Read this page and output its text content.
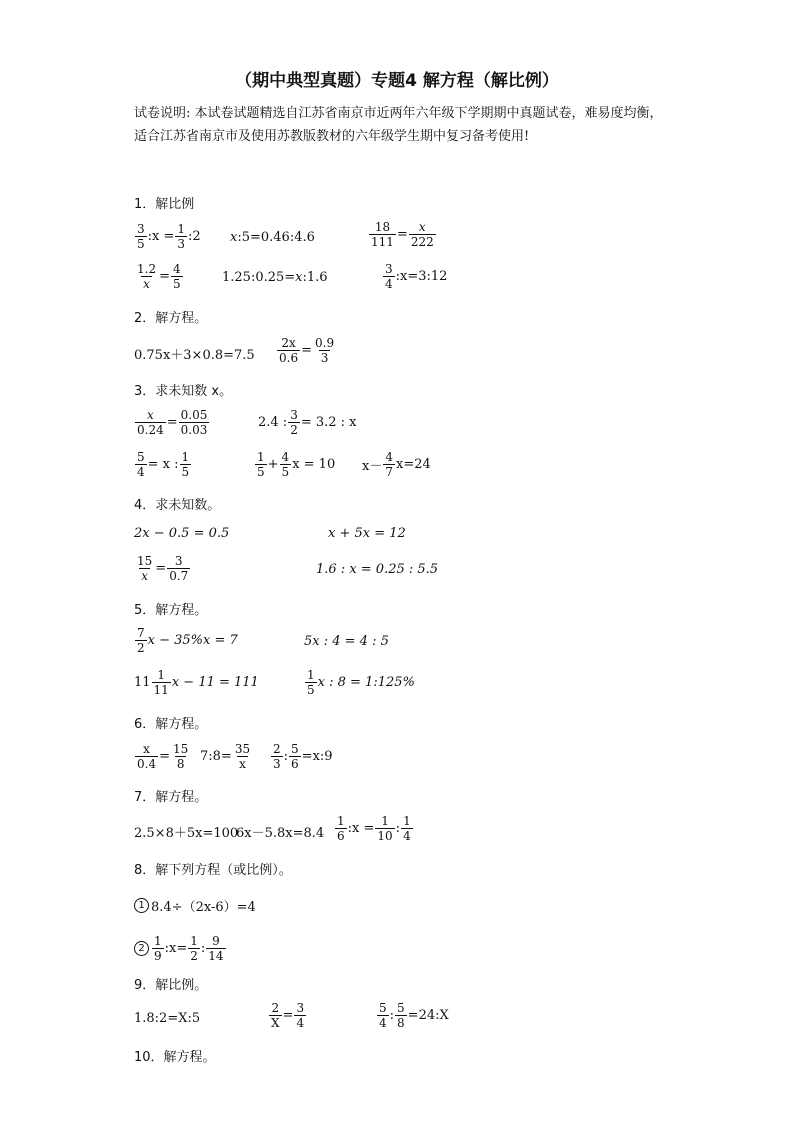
（期中典型真题）专题4 解方程（解比例）
试卷说明: 本试卷试题精选自江苏省南京市近两年六年级下学期期中真题试卷，难易度均衡，适合江苏省南京市及使用苏教版教材的六年级学生期中复习备考使用!
1．解比例
$\frac{3}{5}$ :x = $\frac{1}{3}$ :2 x :5=0.46:4.6	$\frac{18}{111} = \frac{x}{222}$
$\frac{1.2}{x} = \frac{4}{5}$	1.25:0.25= x :1.6	$\frac{3}{4}$ :x=3:12
2．解方程。
$0.75x+3\times 0.8=7.5 \frac{2x}{0.6} = \frac{0.9}{3}$
3．求未知数 x。
$\frac{x}{0.24} = \frac{0.05}{0.03}$	2.4 : $\frac{3}{2} = 3.2$ : x
$\frac{5}{4} = x$ : $\frac{1}{5}$	$\frac{1}{5} + \frac{4}{5}$ x = 10 $x- \frac{4}{7} x=24$
4．求未知数。
2x − 0.5 = 0.5	x + 5x = 12
$\frac{15}{x} = \frac{3}{0.7}$	1.6 : x = 0.25 : 5.5
5．解方程。
$\frac{7}{2}$ x − 35%x = 7	5x : 4 = 4 : 5
$11 \frac{1}{11}$ x − 11 = 111	$\frac{1}{5}$ x : 8 = 1:125%
6．解方程。
$\frac{x}{0.4} = \frac{15}{8}$ 7:8= $\frac{35}{x} \frac{2}{3}$ : $\frac{5}{6}$ =x:9
7．解方程。
2.5×8＋5x=100
$6x-5.8x=8.4 \frac{1}{6}$ :x = $\frac{1}{10}$ : $\frac{1}{4}$
8．解下列方程（或比例）。
1 8.4÷（2x-6）=4
$2 \frac{1}{9}$ :x= $\frac{1}{2}$ : $\frac{9}{14}$
9．解比例。
1.8:2=X:5	$\frac{2}{X} = \frac{3}{4}$	$\frac{5}{4}$ : $\frac{5}{8}$ =24:X
10．解方程。
